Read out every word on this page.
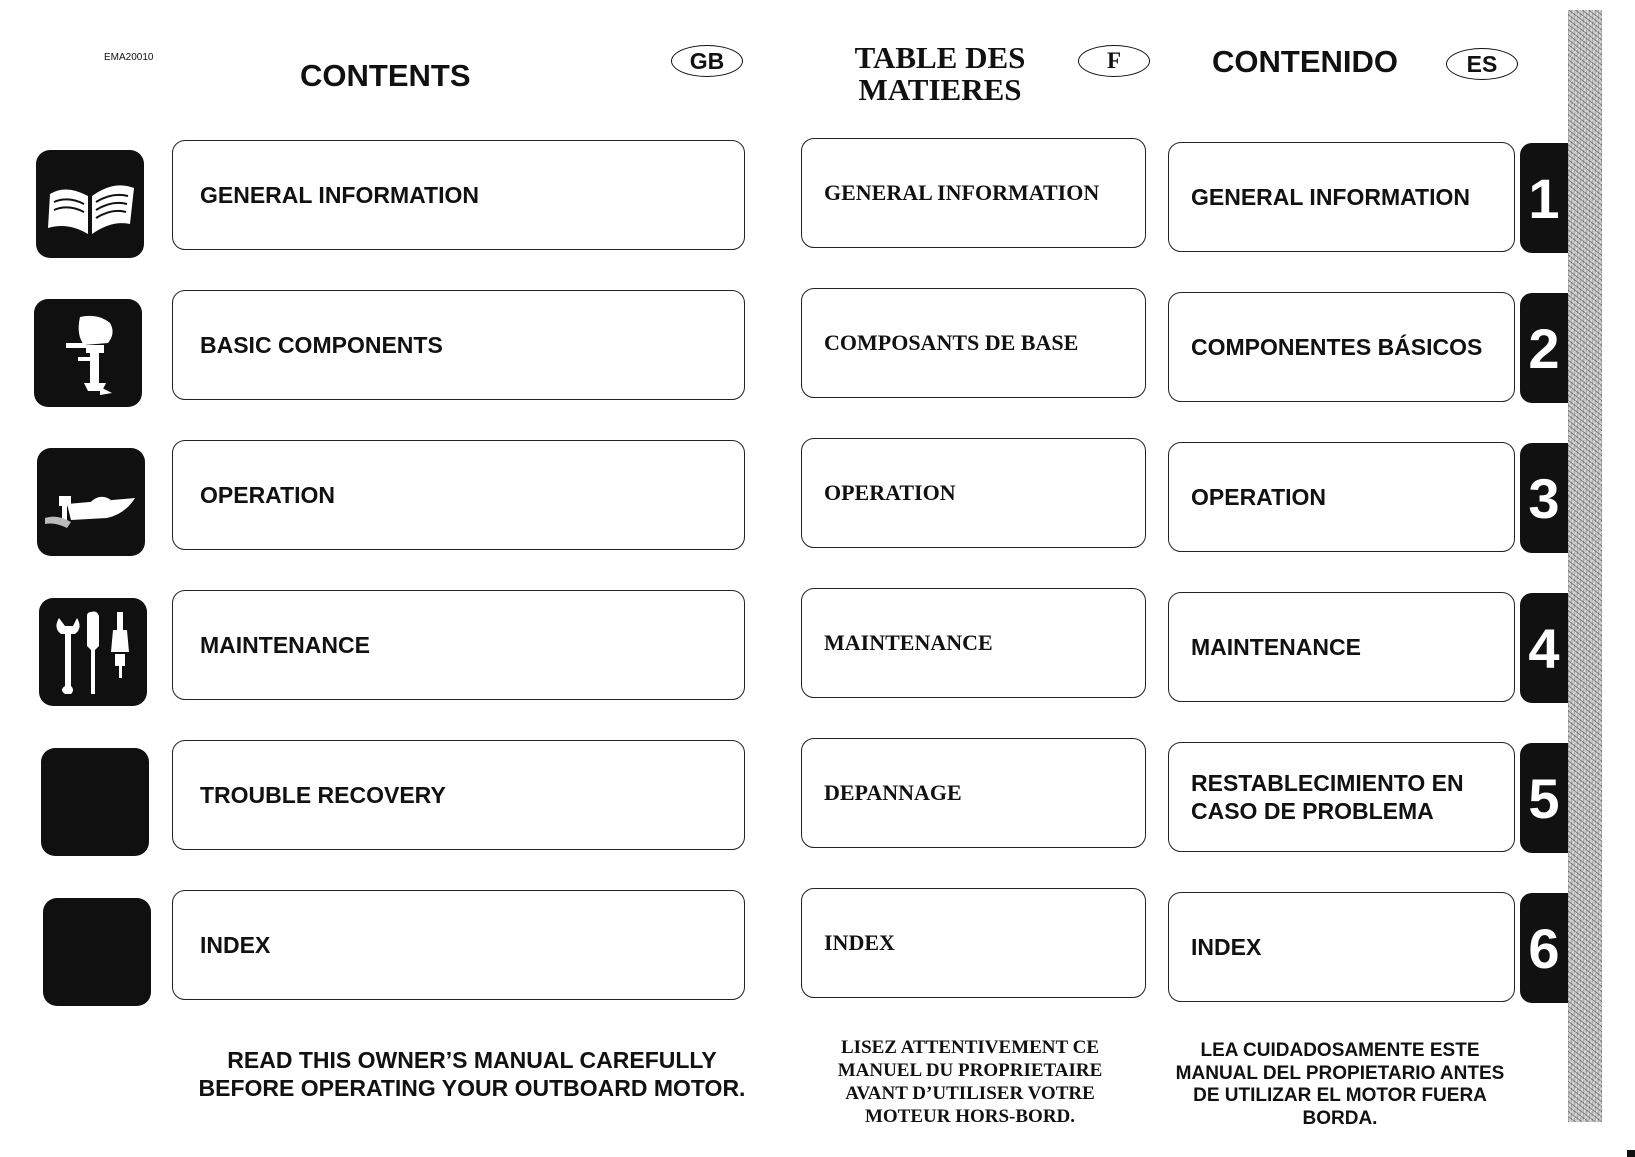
EMA20010
CONTENTS	GB	TABLE DES
MATIERES
F	CONTENIDO	ES
GENERAL INFORMATION	GENERAL INFORMATION	GENERAL INFORMATION 1
BASIC COMPONENTS	COMPOSANTS DE BASE	COMPONENTES BÁSICOS 2
OPERATION	OPERATION	OPERATION	3
MAINTENANCE	MAINTENANCE	MAINTENANCE	4
TROUBLE RECOVERY	DEPANNAGE	RESTABLECIMIENTO EN
CASO DE PROBLEMA	5
INDEX	INDEX	INDEX	6
READ THIS OWNER’S MANUAL CAREFULLY
BEFORE OPERATING YOUR OUTBOARD MOTOR.
LISEZ ATTENTIVEMENT CE
MANUEL DU PROPRIETAIRE
AVANT D’UTILISER VOTRE
MOTEUR HORS-BORD.
LEA CUIDADOSAMENTE ESTE
MANUAL DEL PROPIETARIO ANTES
DE UTILIZAR EL MOTOR FUERA
BORDA.
